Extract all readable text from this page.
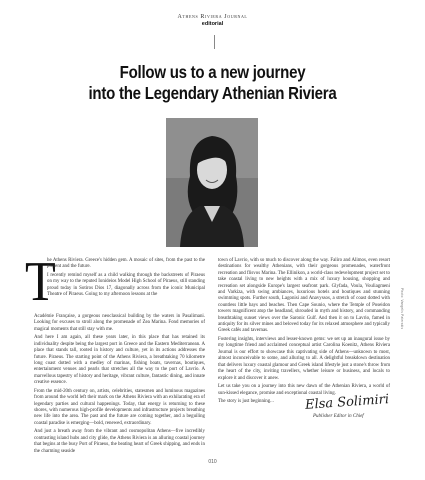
Athens Riviera Journal
editorial
Follow us to a new journey
into the Legendary Athenian Riviera
T

he Athens Riviera. Greece's hidden gem. A mosaic of sites, from the past to the present and the future.

I recently remind myself as a child walking through the backstreets of Piraeus on my way to the reputed Ionideios Model High School of Piraeus, still standing proud today in Sotiros Dios 17, diagonally across from the iconic Municipal Theatre of Piraeus. Going to my afternoon lessons at the

Académie Française, a gorgeous neoclassical building by the waters in Pasalimani. Looking for excuses to stroll along the promenade of Zea Marina. Fond memories of magical moments that still stay with me.

And here I am again, all these years later, in this place that has retained its individuality despite being the largest port in Greece and the Eastern Mediterranean. A place that stands tall, rooted in history and culture, yet in its actions addresses the future. Piraeus. The starting point of the Athens Riviera, a breathtaking 70 kilometre long coast dotted with a medley of marinas, fishing boats, tavernas, boutiques, entertainment venues and pearls that stretches all the way to the port of Lavrio. A marvellous tapestry of history and heritage, vibrant culture, fantastic dining, and innate creative essence.

From the mid-20th century on, artists, celebrities, statesmen and luminous magazines from around the world left their mark on the Athens Riviera with an exhilarating era of legendary parties and cultural happenings. Today, that energy is returning to these shores, with numerous high-profile developments and infrastructure projects breathing new life into the area. The past and the future are coming together, and a beguiling coastal paradise is emerging—bold, renewed, extraordinary.

And just a breath away from the vibrant and cosmopolitan Athens—five incredibly contrasting island hubs and city glide, the Athens Riviera is an alluring coastal journey that begins at the busy Port of Piraeus, the beating heart of Greek shipping, and ends in the charming seaside

town of Lavrio, with so much to discover along the way. Faliro and Alimos, even resort destinations for wealthy Athenians, with their gorgeous promenades, waterfront recreation and flisvos Marina. The Ellinikon, a world-class redevelopment project set to take coastal living to new heights with a mix of luxury housing, shopping and recreation set alongside Europe's largest seafront park. Glyfada, Voula, Vouliagmeni and Varkiza, with swing ambiances, luxurious hotels and boutiques and stunning swimming spots. Further south, Lagonisi and Anavyssos, a stretch of coast dotted with countless little bays and beaches. Then Cape Sounio, where the Temple of Poseidon towers magnificent atop the headland, shrouded in myth and history, and commanding breathtaking sunset views over the Saronic Gulf. And then it on to Lavrio, famed in antiquity for its silver mines and beloved today for its relaxed atmosphere and typically Greek cafés and tavernas.

Fostering insights, interviews and lesser-known gems: we set up an inaugural issue by my longtime friend and acclaimed conceptual artist Carolina Koenitz, Athens Riviera Journal is our effort to showcase this captivating side of Athens—unknown to most, almost inconceivable to some, and alluring to all. A delightful breakdown destination that delivers luxury coastal glamour and Greek island lifestyle just a stone's throw from the heart of the city, inviting travellers, whether leisure or business, and locals to explore it and discover it anew.

Let us take you on a journey into this new dawn of the Athenian Riviera, a world of sun-kissed elegance, promise and exceptional coastal living.

The story is just beginning...	Elsa Solimiri
Publisher Editor in Chief
Photo: Vangelis Paterakis
010
